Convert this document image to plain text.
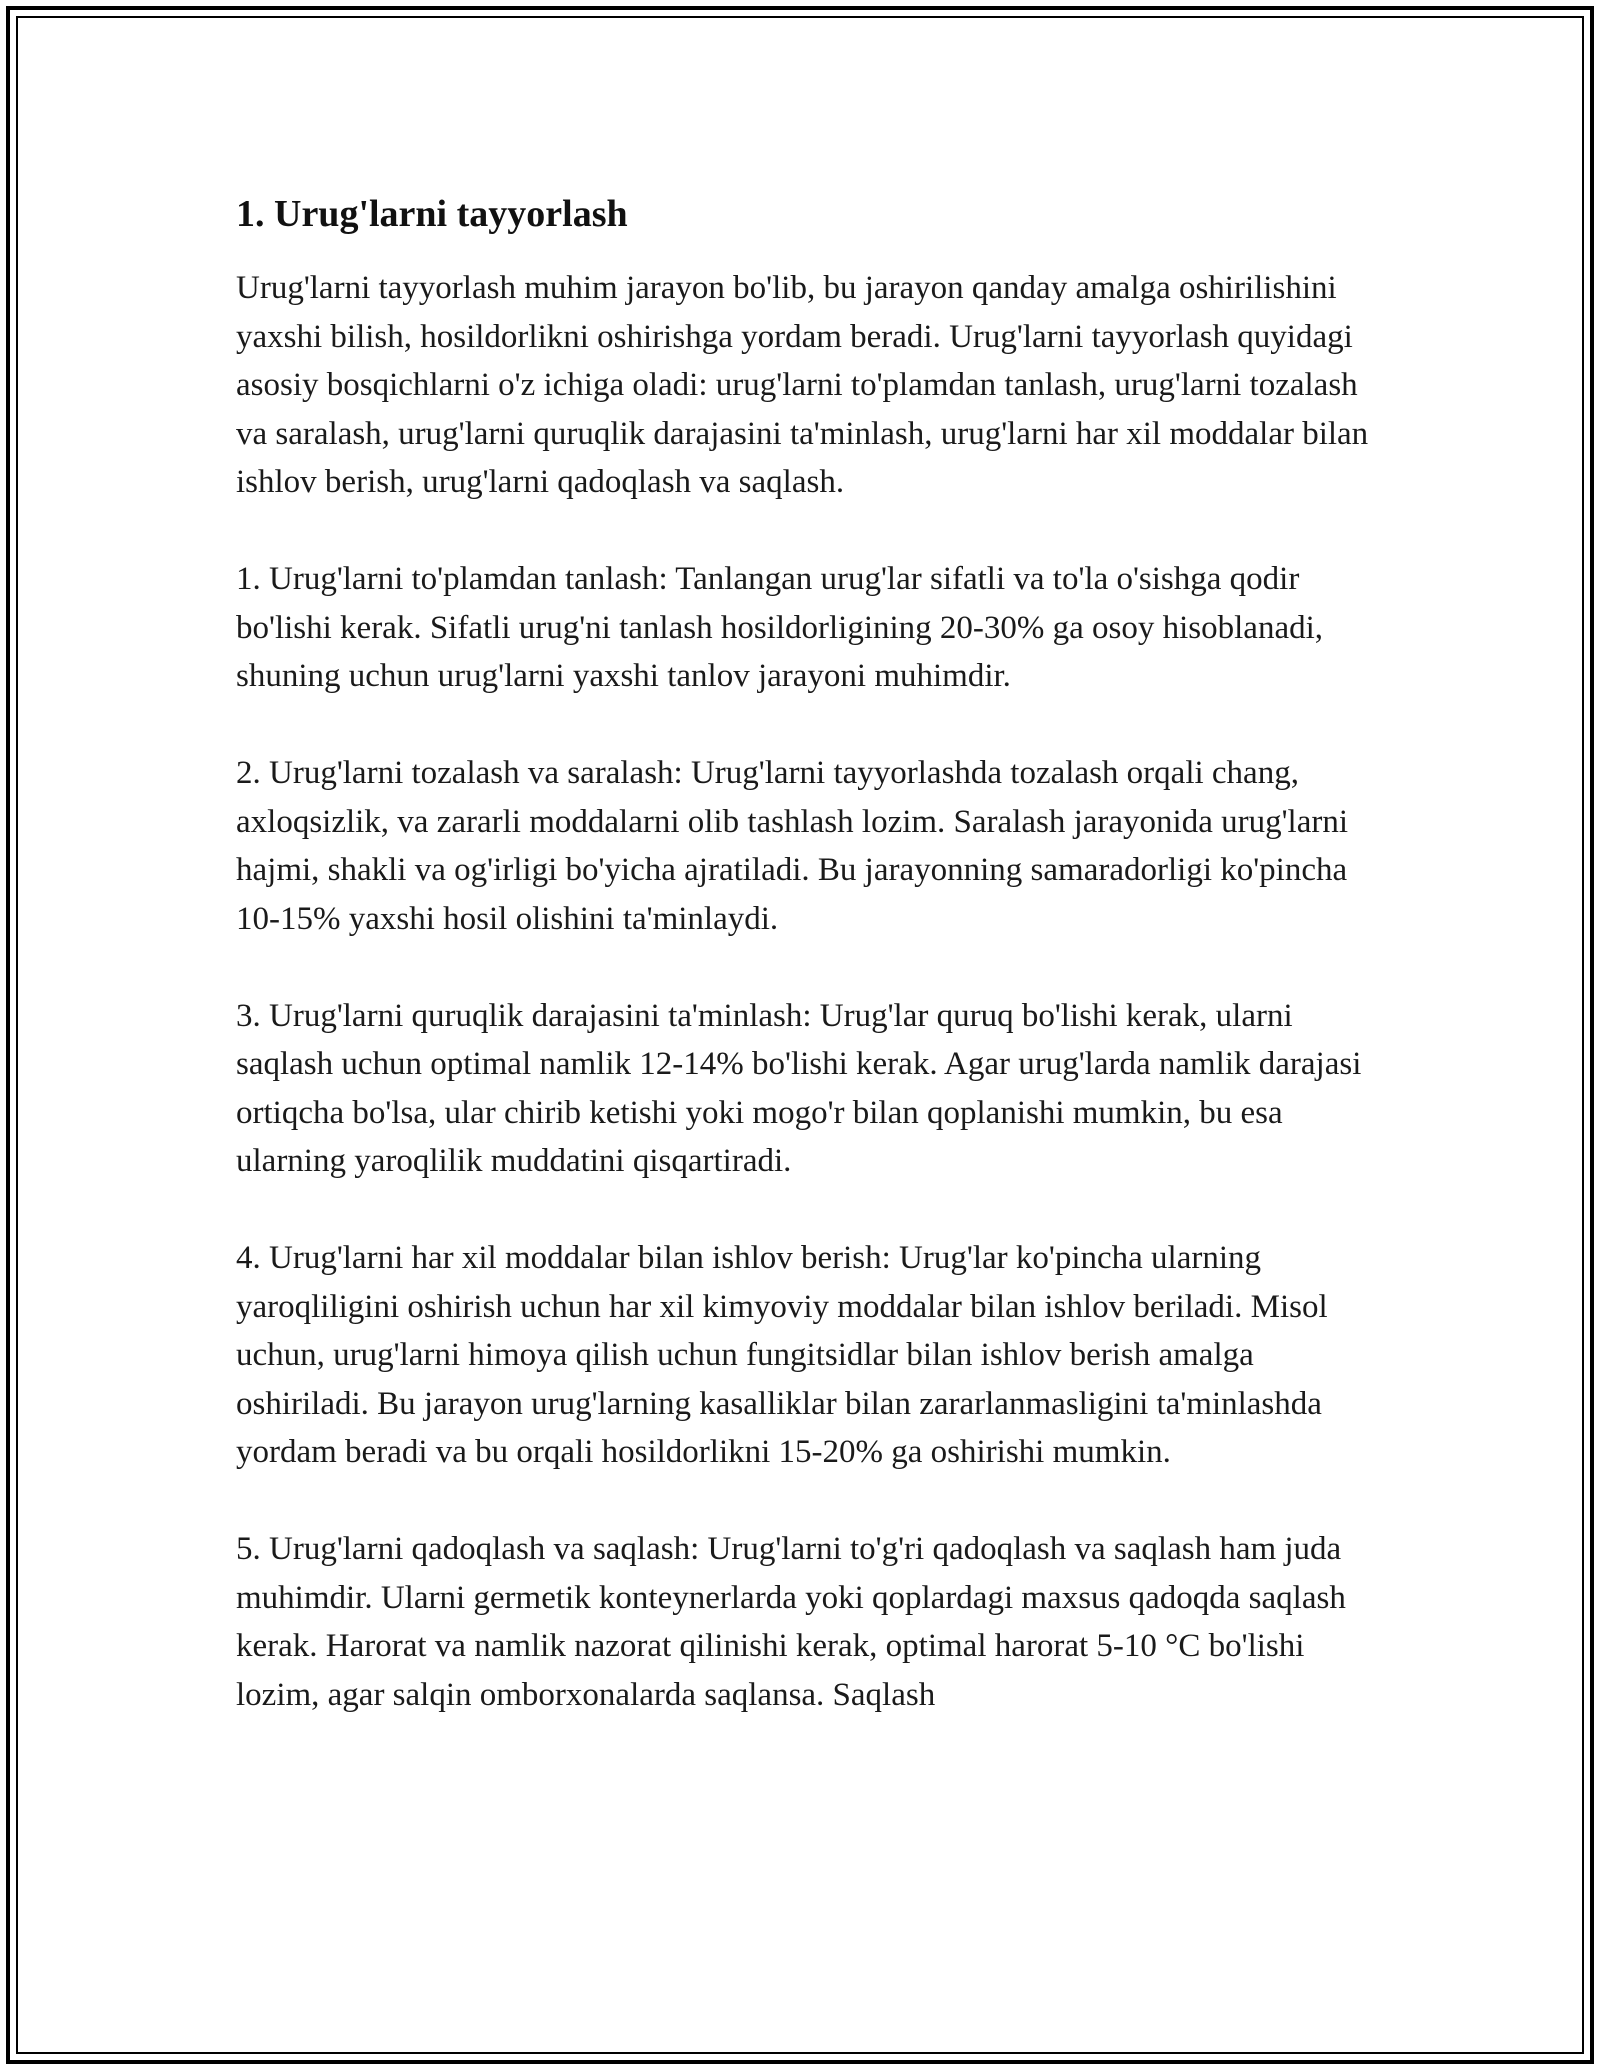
1. Urug'larni tayyorlash

Urug'larni tayyorlash muhim jarayon bo'lib, bu jarayon qanday amalga oshirilishini yaxshi bilish, hosildorlikni oshirishga yordam beradi. Urug'larni tayyorlash quyidagi asosiy bosqichlarni o'z ichiga oladi: urug'larni to'plamdan tanlash, urug'larni tozalash va saralash, urug'larni quruqlik darajasini ta'minlash, urug'larni har xil moddalar bilan ishlov berish, urug'larni qadoqlash va saqlash.

1. Urug'larni to'plamdan tanlash: Tanlangan urug'lar sifatli va to'la o'sishga qodir bo'lishi kerak. Sifatli urug'ni tanlash hosildorligining 20-30% ga osoy hisoblanadi, shuning uchun urug'larni yaxshi tanlov jarayoni muhimdir.

2. Urug'larni tozalash va saralash: Urug'larni tayyorlashda tozalash orqali chang, axloqsizlik, va zararli moddalarni olib tashlash lozim. Saralash jarayonida urug'larni hajmi, shakli va og'irligi bo'yicha ajratiladi. Bu jarayonning samaradorligi ko'pincha 10-15% yaxshi hosil olishini ta'minlaydi.

3. Urug'larni quruqlik darajasini ta'minlash: Urug'lar quruq bo'lishi kerak, ularni saqlash uchun optimal namlik 12-14% bo'lishi kerak. Agar urug'larda namlik darajasi ortiqcha bo'lsa, ular chirib ketishi yoki mogo'r bilan qoplanishi mumkin, bu esa ularning yaroqlilik muddatini qisqartiradi.

4. Urug'larni har xil moddalar bilan ishlov berish: Urug'lar ko'pincha ularning yaroqliligini oshirish uchun har xil kimyoviy moddalar bilan ishlov beriladi. Misol uchun, urug'larni himoya qilish uchun fungitsidlar bilan ishlov berish amalga oshiriladi. Bu jarayon urug'larning kasalliklar bilan zararlanmasligini ta'minlashda yordam beradi va bu orqali hosildorlikni 15-20% ga oshirishi mumkin.

5. Urug'larni qadoqlash va saqlash: Urug'larni to'g'ri qadoqlash va saqlash ham juda muhimdir. Ularni germetik konteynerlarda yoki qoplardagi maxsus qadoqda saqlash kerak. Harorat va namlik nazorat qilinishi kerak, optimal harorat 5-10 °C bo'lishi lozim, agar salqin omborxonalarda saqlansa. Saqlash
